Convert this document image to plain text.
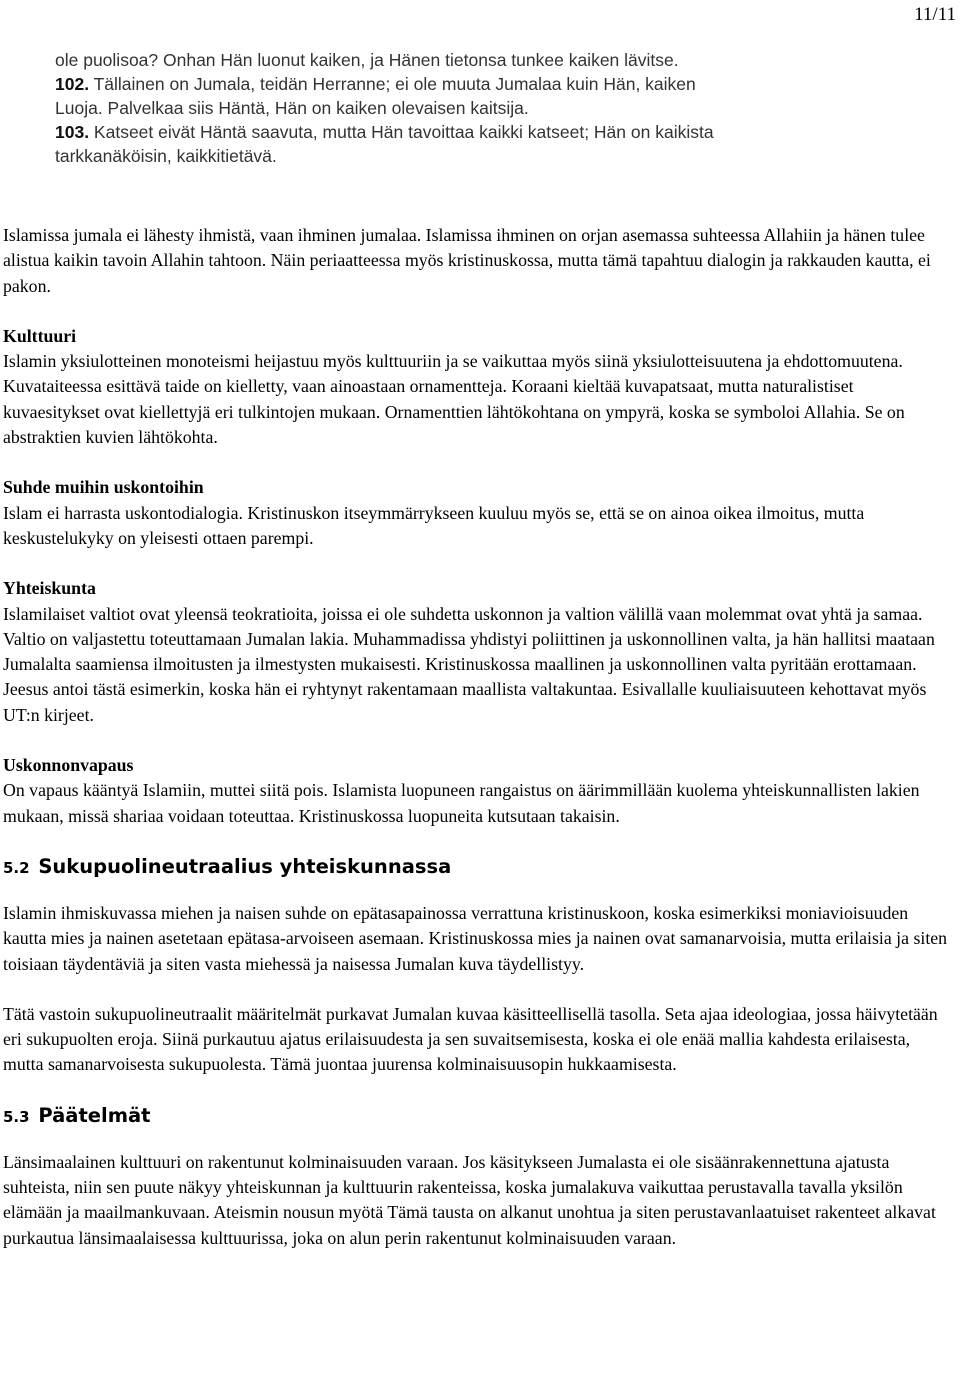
11/11
ole puolisoa? Onhan Hän luonut kaiken, ja Hänen tietonsa tunkee kaiken lävitse.
102. Tällainen on Jumala, teidän Herranne; ei ole muuta Jumalaa kuin Hän, kaiken Luoja. Palvelkaa siis Häntä, Hän on kaiken olevaisen kaitsija.
103. Katseet eivät Häntä saavuta, mutta Hän tavoittaa kaikki katseet; Hän on kaikista tarkkanäköisin, kaikkitietävä.

Islamissa jumala ei lähesty ihmistä, vaan ihminen jumalaa. Islamissa ihminen on orjan asemassa suhteessa Allahiin ja hänen tulee alistua kaikin tavoin Allahin tahtoon. Näin periaatteessa myös kristinuskossa, mutta tämä tapahtuu dialogin ja rakkauden kautta, ei pakon.

Kulttuuri
Islamin yksiulotteinen monoteismi heijastuu myös kulttuuriin ja se vaikuttaa myös siinä yksiulotteisuutena ja ehdottomuutena. Kuvataiteessa esittävä taide on kielletty, vaan ainoastaan ornamentteja. Koraani kieltää kuvapatsaat, mutta naturalistiset kuvaesitykset ovat kiellettyjä eri tulkintojen mukaan. Ornamenttien lähtökohtana on ympyrä, koska se symboloi Allahia. Se on abstraktien kuvien lähtökohta.

Suhde muihin uskontoihin
Islam ei harrasta uskontodialogia. Kristinuskon itseymmärrykseen kuuluu myös se, että se on ainoa oikea ilmoitus, mutta keskustelukyky on yleisesti ottaen parempi.

Yhteiskunta
Islamilaiset valtiot ovat yleensä teokratioita, joissa ei ole suhdetta uskonnon ja valtion välillä vaan molemmat ovat yhtä ja samaa. Valtio on valjastettu toteuttamaan Jumalan lakia. Muhammadissa yhdistyi poliittinen ja uskonnollinen valta, ja hän hallitsi maataan Jumalalta saamiensa ilmoitusten ja ilmestysten mukaisesti. Kristinuskossa maallinen ja uskonnollinen valta pyritään erottamaan. Jeesus antoi tästä esimerkin, koska hän ei ryhtynyt rakentamaan maallista valtakuntaa. Esivallalle kuuliaisuuteen kehottavat myös UT:n kirjeet.

Uskonnonvapaus
On vapaus kääntyä Islamiin, muttei siitä pois. Islamista luopuneen rangaistus on äärimmillään kuolema yhteiskunnallisten lakien mukaan, missä shariaa voidaan toteuttaa. Kristinuskossa luopuneita kutsutaan takaisin.

5.2 Sukupuolineutraalius yhteiskunnassa

Islamin ihmiskuvassa miehen ja naisen suhde on epätasapainossa verrattuna kristinuskoon, koska esimerkiksi moniavioisuuden kautta mies ja nainen asetetaan epätasa-arvoiseen asemaan. Kristinuskossa mies ja nainen ovat samanarvoisia, mutta erilaisia ja siten toisiaan täydentäviä ja siten vasta miehessä ja naisessa Jumalan kuva täydellistyy.

Tätä vastoin sukupuolineutraalit määritelmät purkavat Jumalan kuvaa käsitteellisellä tasolla. Seta ajaa ideologiaa, jossa häivytetään eri sukupuolten eroja. Siinä purkautuu ajatus erilaisuudesta ja sen suvaitsemisesta, koska ei ole enää mallia kahdesta erilaisesta, mutta samanarvoisesta sukupuolesta. Tämä juontaa juurensa kolminaisuusopin hukkaamisesta.

5.3 Päätelmät

Länsimaalainen kulttuuri on rakentunut kolminaisuuden varaan. Jos käsitykseen Jumalasta ei ole sisäänrakennettuna ajatusta suhteista, niin sen puute näkyy yhteiskunnan ja kulttuurin rakenteissa, koska jumalakuva vaikuttaa perustavalla tavalla yksilön elämään ja maailmankuvaan. Ateismin nousun myötä Tämä tausta on alkanut unohtua ja siten perustavanlaatuiset rakenteet alkavat purkautua länsimaalaisessa kulttuurissa, joka on alun perin rakentunut kolminaisuuden varaan.
